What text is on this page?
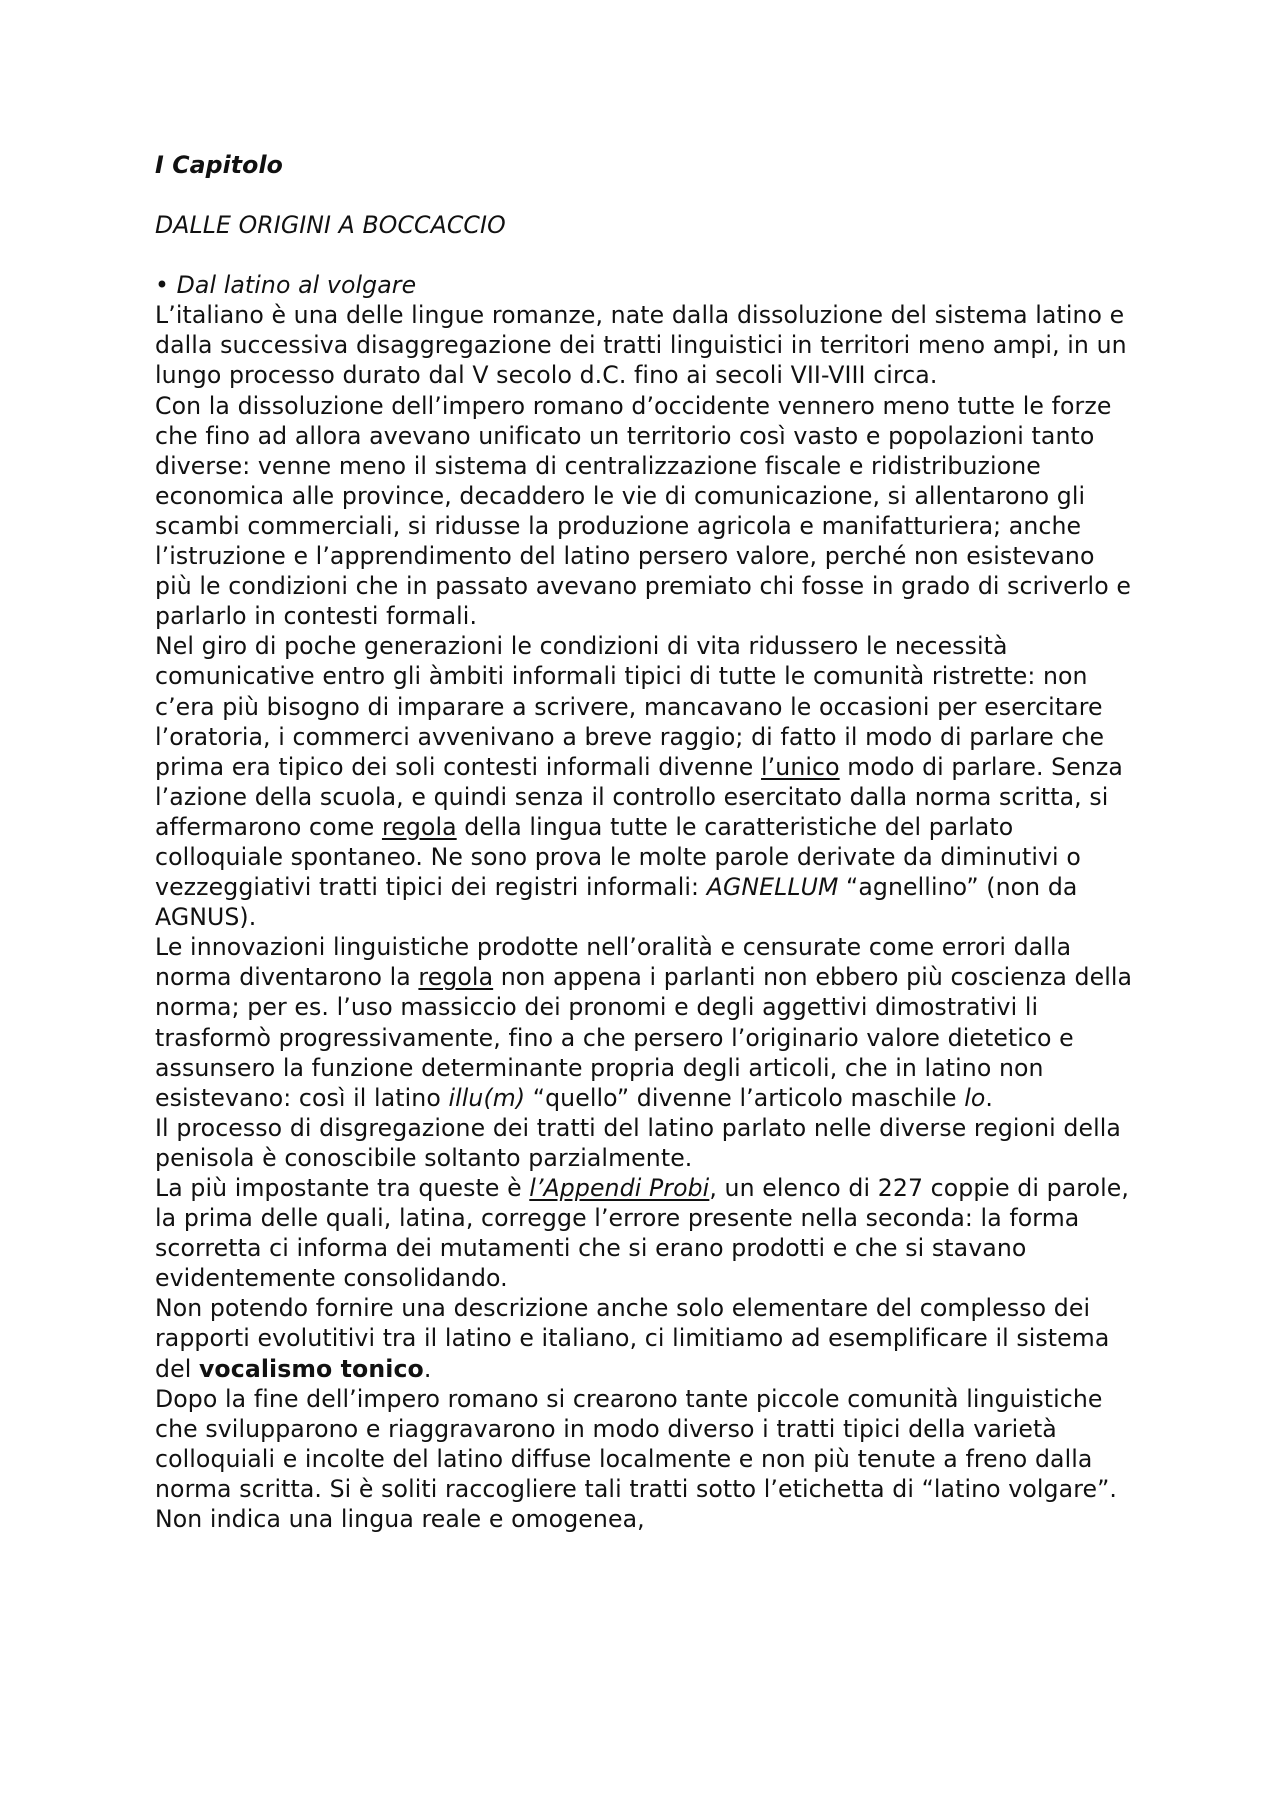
I Capitolo

DALLE ORIGINI A BOCCACCIO

• Dal latino al volgare

L’italiano è una delle lingue romanze, nate dalla dissoluzione del sistema latino e dalla successiva disaggregazione dei tratti linguistici in territori meno ampi, in un lungo processo durato dal V secolo d.C. fino ai secoli VII-VIII circa.

Con la dissoluzione dell’impero romano d’occidente vennero meno tutte le forze che fino ad allora avevano unificato un territorio così vasto e popolazioni tanto diverse: venne meno il sistema di centralizzazione fiscale e ridistribuzione economica alle province, decaddero le vie di comunicazione, si allentarono gli scambi commerciali, si ridusse la produzione agricola e manifatturiera; anche l’istruzione e l’apprendimento del latino persero valore, perché non esistevano più le condizioni che in passato avevano premiato chi fosse in grado di scriverlo e parlarlo in contesti formali.

Nel giro di poche generazioni le condizioni di vita ridussero le necessità comunicative entro gli àmbiti informali tipici di tutte le comunità ristrette: non c’era più bisogno di imparare a scrivere, mancavano le occasioni per esercitare l’oratoria, i commerci avvenivano a breve raggio; di fatto il modo di parlare che prima era tipico dei soli contesti informali divenne l’unico modo di parlare. Senza l’azione della scuola, e quindi senza il controllo esercitato dalla norma scritta, si affermarono come regola della lingua tutte le caratteristiche del parlato colloquiale spontaneo. Ne sono prova le molte parole derivate da diminutivi o vezzeggiativi tratti tipici dei registri informali: AGNELLUM “agnellino” (non da AGNUS).

Le innovazioni linguistiche prodotte nell’oralità e censurate come errori dalla norma diventarono la regola non appena i parlanti non ebbero più coscienza della norma; per es. l’uso massiccio dei pronomi e degli aggettivi dimostrativi li trasformò progressivamente, fino a che persero l’originario valore dietetico e assunsero la funzione determinante propria degli articoli, che in latino non esistevano: così il latino illu(m) “quello” divenne l’articolo maschile lo.

Il processo di disgregazione dei tratti del latino parlato nelle diverse regioni della penisola è conoscibile soltanto parzialmente.

La più impostante tra queste è l’Appendi Probi, un elenco di 227 coppie di parole, la prima delle quali, latina, corregge l’errore presente nella seconda: la forma scorretta ci informa dei mutamenti che si erano prodotti e che si stavano evidentemente consolidando.

Non potendo fornire una descrizione anche solo elementare del complesso dei rapporti evolutitivi tra il latino e italiano, ci limitiamo ad esemplificare il sistema del vocalismo tonico.

Dopo la fine dell’impero romano si crearono tante piccole comunità linguistiche che svilupparono e riaggravarono in modo diverso i tratti tipici della varietà colloquiali e incolte del latino diffuse localmente e non più tenute a freno dalla norma scritta. Si è soliti raccogliere tali tratti sotto l’etichetta di “latino volgare”. Non indica una lingua reale e omogenea,
